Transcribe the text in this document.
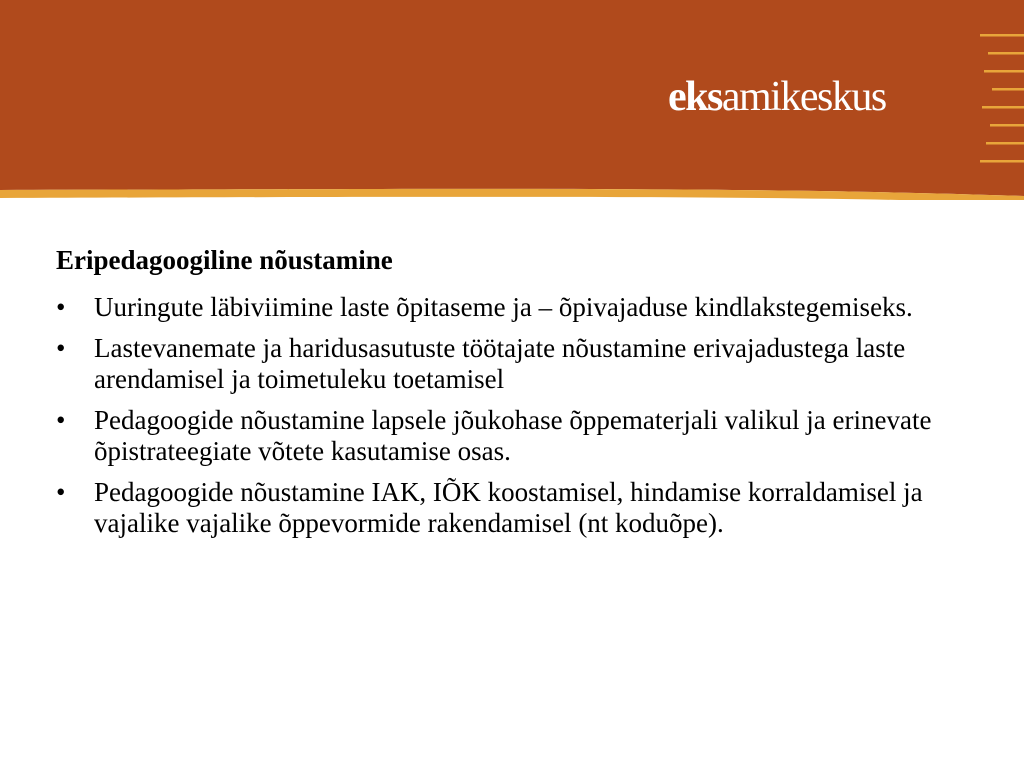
eksamikeskus
Eripedagoogiline nõustamine
• Uuringute läbiviimine laste õpitaseme ja – õpivajaduse kindlakstegemiseks.
• Lastevanemate ja haridusasutuste töötajate nõustamine erivajadustega laste arendamisel ja toimetuleku toetamisel
• Pedagoogide nõustamine lapsele jõukohase õppematerjali valikul ja erinevate õpistrateegiate võtete kasutamise osas.
• Pedagoogide nõustamine IAK, IÕK koostamisel, hindamise korraldamisel ja vajalike vajalike õppevormide rakendamisel (nt koduõpe).
